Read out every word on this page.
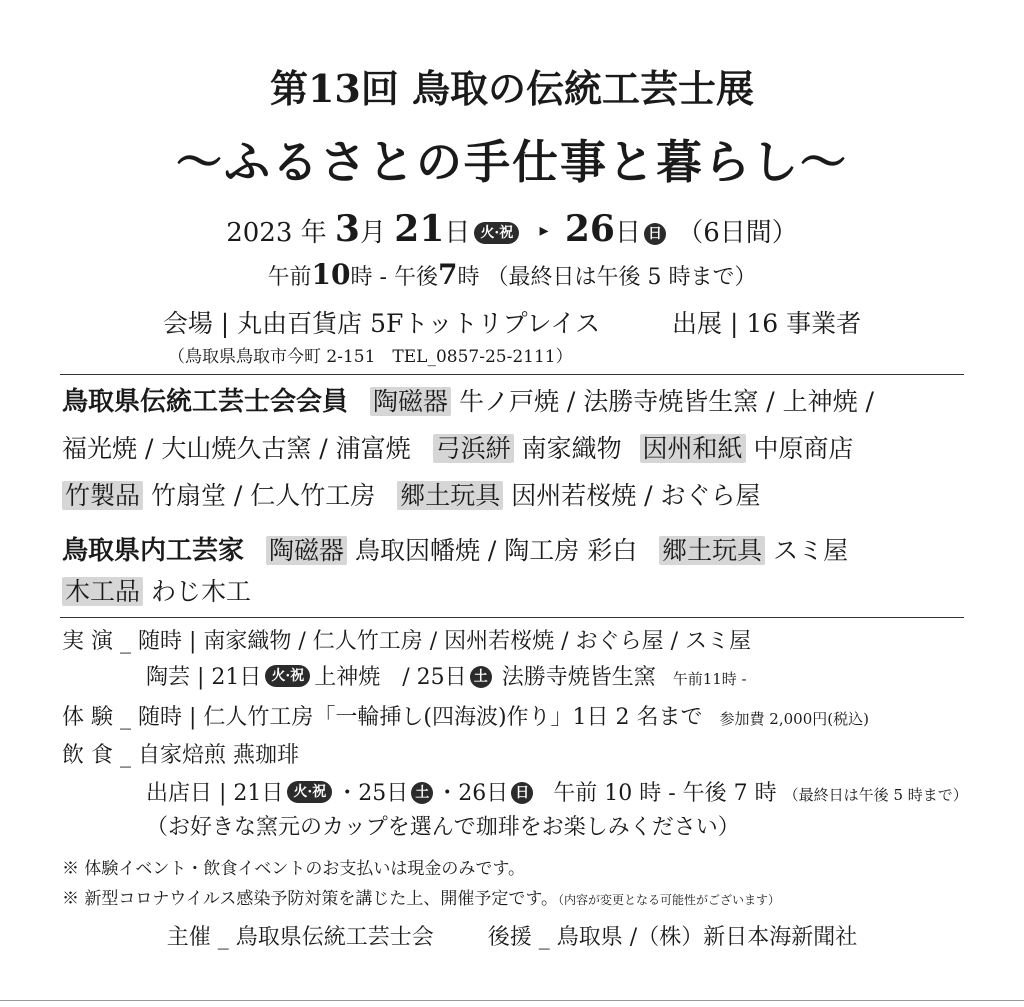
第13回 鳥取の伝統工芸士展
～ふるさとの手仕事と暮らし～
2023 年 3月 21日 火·祝 ▸ 26日 日 （6日間）
午前10時 - 午後7時 （最終日は午後 5 時まで）
会場 | 丸由百貨店 5Fトットリプレイス	出展 | 16 事業者
（鳥取県鳥取市今町 2-151　TEL_0857-25-2111）
鳥取県伝統工芸士会会員 陶磁器 牛ノ戸焼 / 法勝寺焼皆生窯 / 上神焼 /
福光焼 / 大山焼久古窯 / 浦富焼 弓浜絣 南家織物 因州和紙 中原商店
竹製品 竹扇堂 / 仁人竹工房 郷土玩具 因州若桜焼 / おぐら屋
鳥取県内工芸家 陶磁器 鳥取因幡焼 / 陶工房 彩白 郷土玩具 スミ屋
木工品 わじ木工
実 演 _ 随時 | 南家織物 / 仁人竹工房 / 因州若桜焼 / おぐら屋 / スミ屋
陶芸 | 21日 火·祝 上神焼　/ 25日 土 法勝寺焼皆生窯 午前11時 -
体 験 _ 随時 | 仁人竹工房「一輪挿し(四海波)作り」1日 2 名まで 参加費 2,000円(税込)
飲 食 _ 自家焙煎 燕珈琲
出店日 | 21日 火·祝 ・25日 土 ・26日 日 午前 10 時 - 午後 7 時 （最終日は午後 5 時まで）
（お好きな窯元のカップを選んで珈琲をお楽しみください）
※ 体験イベント・飲食イベントのお支払いは現金のみです。
※ 新型コロナウイルス感染予防対策を講じた上、開催予定です。（内容が変更となる可能性がございます）
主催 _ 鳥取県伝統工芸士会 後援 _ 鳥取県 /（株）新日本海新聞社
